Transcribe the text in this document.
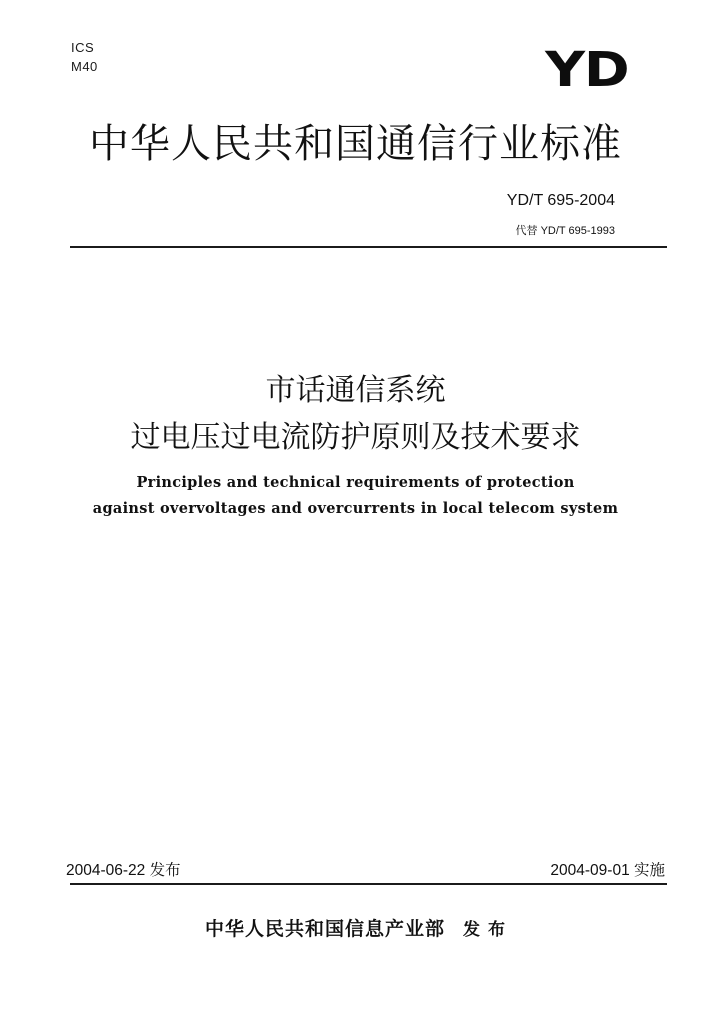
ICS
M40	YD
中华人民共和国通信行业标准
YD/T 695-2004
代替 YD/T 695-1993
市话通信系统
过电压过电流防护原则及技术要求
Principles and technical requirements of protection
against overvoltages and overcurrents in local telecom system
2004-06-22 发布	2004-09-01 实施
中华人民共和国信息产业部 发 布
